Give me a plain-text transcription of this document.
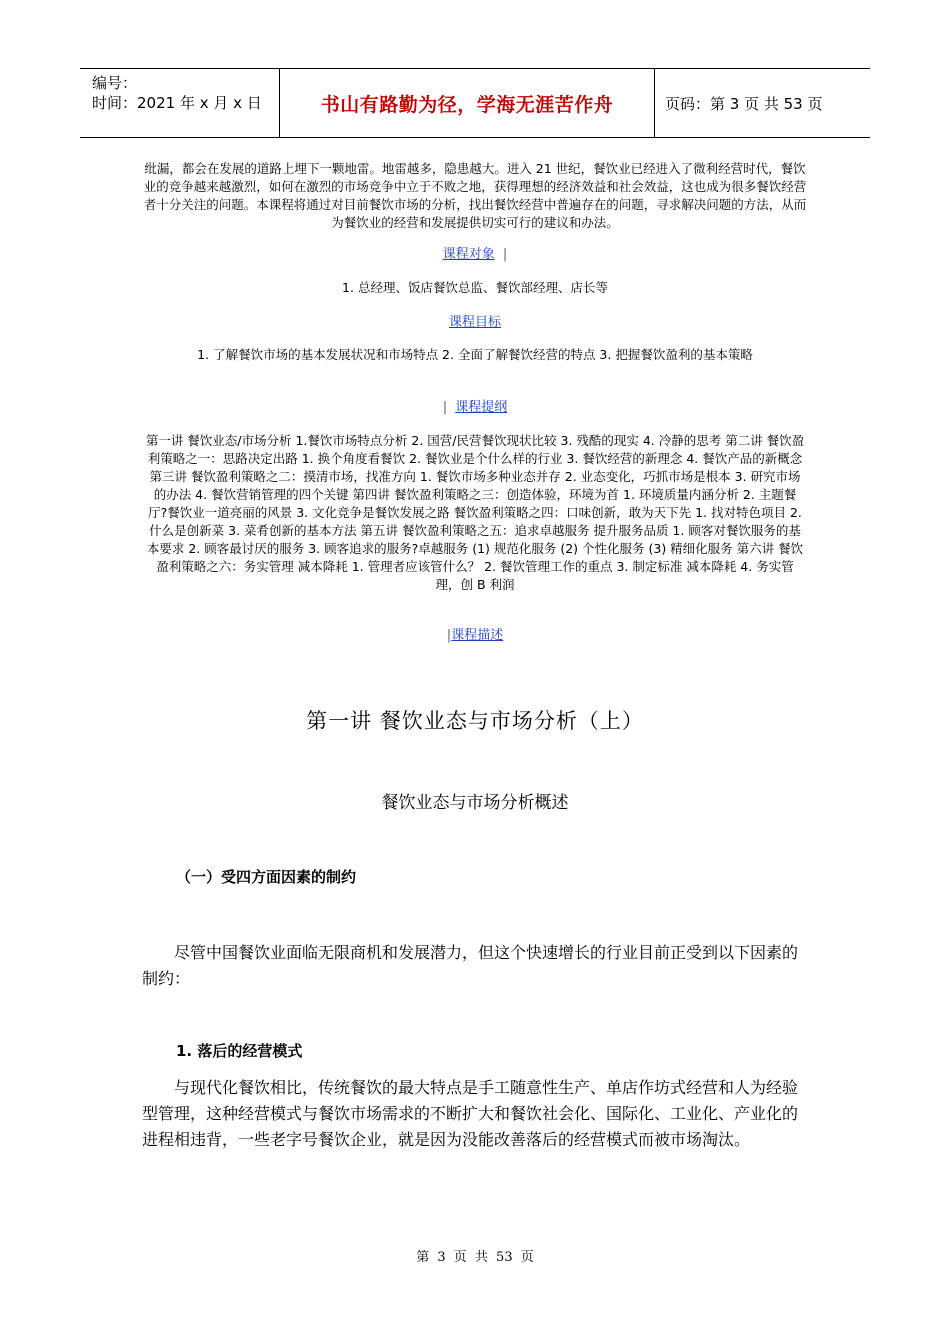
编号：
时间：2021 年 x 月 x 日	书山有路勤为径，学海无涯苦作舟	页码：第 3 页 共 53 页
纰漏，都会在发展的道路上埋下一颗地雷。地雷越多，隐患越大。进入 21 世纪，餐饮业已经进入了微利经营时代，餐饮业的竞争越来越激烈，如何在激烈的市场竞争中立于不败之地，获得理想的经济效益和社会效益，这也成为很多餐饮经营者十分关注的问题。本课程将通过对目前餐饮市场的分析，找出餐饮经营中普遍存在的问题，寻求解决问题的方法，从而为餐饮业的经营和发展提供切实可行的建议和办法。
课程对象  |
1. 总经理、饭店餐饮总监、餐饮部经理、店长等
课程目标
1. 了解餐饮市场的基本发展状况和市场特点 2. 全面了解餐饮经营的特点 3. 把握餐饮盈利的基本策略
|  课程提纲
第一讲 餐饮业态/市场分析 1.餐饮市场特点分析 2. 国营/民营餐饮现状比较 3. 残酷的现实 4. 冷静的思考 第二讲 餐饮盈利策略之一：思路决定出路 1. 换个角度看餐饮 2. 餐饮业是个什么样的行业 3. 餐饮经营的新理念 4. 餐饮产品的新概念 第三讲 餐饮盈利策略之二：摸清市场，找准方向 1. 餐饮市场多种业态并存 2. 业态变化，巧抓市场是根本 3. 研究市场的办法 4. 餐饮营销管理的四个关键 第四讲 餐饮盈利策略之三：创造体验，环境为首 1. 环境质量内涵分析 2. 主题餐厅?餐饮业一道亮丽的风景 3. 文化竞争是餐饮发展之路 餐饮盈利策略之四：口味创新，敢为天下先 1. 找对特色项目 2. 什么是创新菜 3. 菜肴创新的基本方法 第五讲 餐饮盈利策略之五：追求卓越服务 提升服务品质 1. 顾客对餐饮服务的基本要求 2. 顾客最讨厌的服务 3. 顾客追求的服务?卓越服务 (1) 规范化服务 (2) 个性化服务 (3) 精细化服务 第六讲 餐饮盈利策略之六：务实管理 减本降耗 1. 管理者应该管什么？ 2. 餐饮管理工作的重点 3. 制定标准 减本降耗 4. 务实管理，创 B 利润
|课程描述
第一讲 餐饮业态与市场分析（上）
餐饮业态与市场分析概述
（一）受四方面因素的制约
尽管中国餐饮业面临无限商机和发展潜力，但这个快速增长的行业目前正受到以下因素的制约：
1. 落后的经营模式
与现代化餐饮相比，传统餐饮的最大特点是手工随意性生产、单店作坊式经营和人为经验型管理，这种经营模式与餐饮市场需求的不断扩大和餐饮社会化、国际化、工业化、产业化的进程相违背，一些老字号餐饮企业，就是因为没能改善落后的经营模式而被市场淘汰。
第 3 页 共 53 页
